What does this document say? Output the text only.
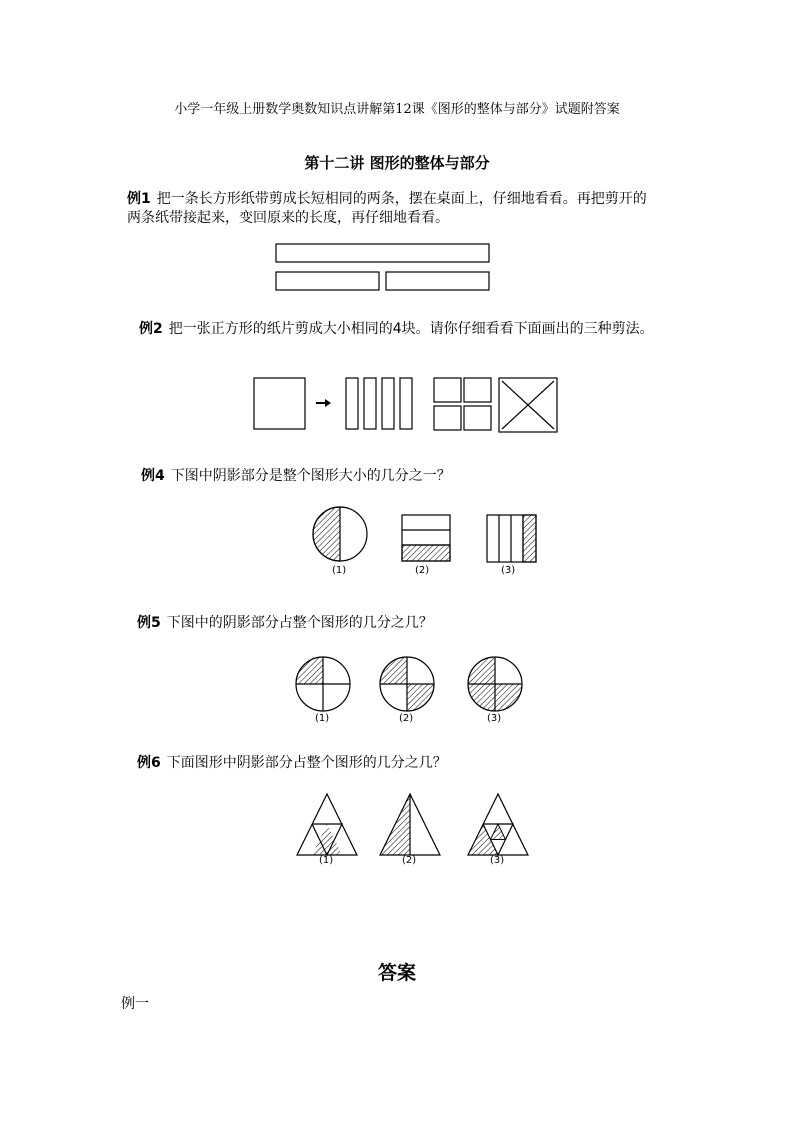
小学一年级上册数学奥数知识点讲解第12课《图形的整体与部分》试题附答案
第十二讲 图形的整体与部分
例1 把一条长方形纸带剪成长短相同的两条，摆在桌面上，仔细地看看。再把剪开的两条纸带接起来，变回原来的长度，再仔细地看看。
例2 把一张正方形的纸片剪成大小相同的4块。请你仔细看看下面画出的三种剪法。
例4 下图中阴影部分是整个图形大小的几分之一？
(1)	(2)	(3)
例5 下图中的阴影部分占整个图形的几分之几？
(1)	(2)	(3)
例6 下面图形中阴影部分占整个图形的几分之几？
(1)	(2)	(3)
答案
例一
